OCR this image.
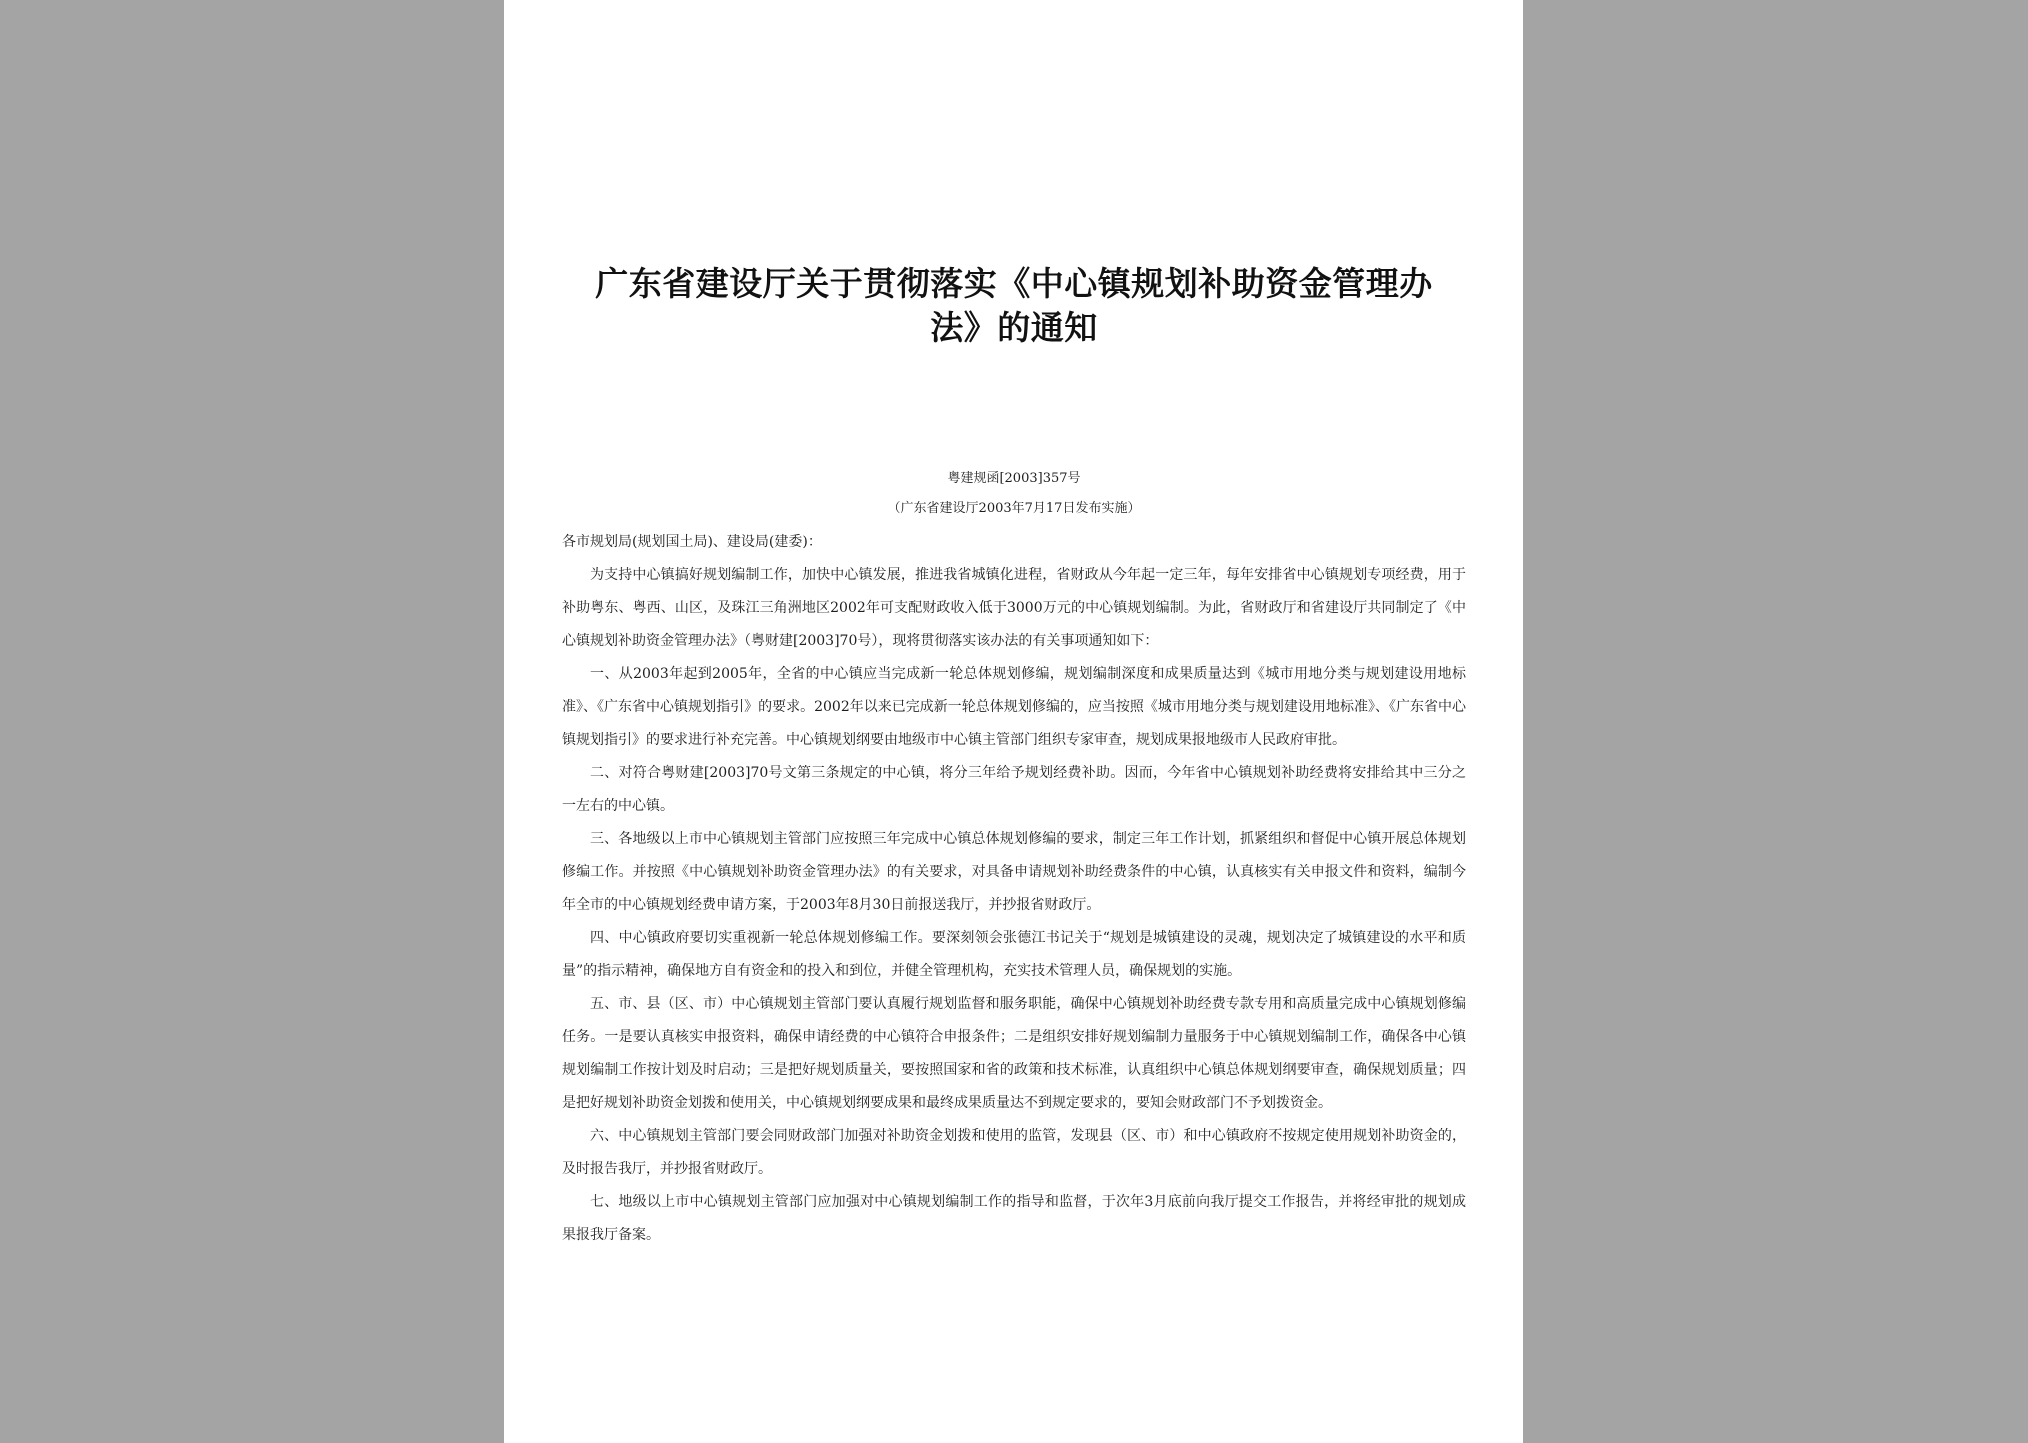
广东省建设厅关于贯彻落实《中心镇规划补助资金管理办法》的通知
粤建规函[2003]357号
（广东省建设厅2003年7月17日发布实施）

各市规划局(规划国土局)、建设局(建委)：

为支持中心镇搞好规划编制工作，加快中心镇发展，推进我省城镇化进程，省财政从今年起一定三年，每年安排省中心镇规划专项经费，用于补助粤东、粤西、山区，及珠江三角洲地区2002年可支配财政收入低于3000万元的中心镇规划编制。为此，省财政厅和省建设厅共同制定了《中心镇规划补助资金管理办法》（粤财建[2003]70号），现将贯彻落实该办法的有关事项通知如下：

一、从2003年起到2005年，全省的中心镇应当完成新一轮总体规划修编，规划编制深度和成果质量达到《城市用地分类与规划建设用地标准》、《广东省中心镇规划指引》的要求。2002年以来已完成新一轮总体规划修编的，应当按照《城市用地分类与规划建设用地标准》、《广东省中心镇规划指引》的要求进行补充完善。中心镇规划纲要由地级市中心镇主管部门组织专家审查，规划成果报地级市人民政府审批。

二、对符合粤财建[2003]70号文第三条规定的中心镇，将分三年给予规划经费补助。因而，今年省中心镇规划补助经费将安排给其中三分之一左右的中心镇。

三、各地级以上市中心镇规划主管部门应按照三年完成中心镇总体规划修编的要求，制定三年工作计划，抓紧组织和督促中心镇开展总体规划修编工作。并按照《中心镇规划补助资金管理办法》的有关要求，对具备申请规划补助经费条件的中心镇，认真核实有关申报文件和资料，编制今年全市的中心镇规划经费申请方案，于2003年8月30日前报送我厅，并抄报省财政厅。

四、中心镇政府要切实重视新一轮总体规划修编工作。要深刻领会张德江书记关于“规划是城镇建设的灵魂，规划决定了城镇建设的水平和质量”的指示精神，确保地方自有资金和的投入和到位，并健全管理机构，充实技术管理人员，确保规划的实施。

五、市、县（区、市）中心镇规划主管部门要认真履行规划监督和服务职能，确保中心镇规划补助经费专款专用和高质量完成中心镇规划修编任务。一是要认真核实申报资料，确保申请经费的中心镇符合申报条件；二是组织安排好规划编制力量服务于中心镇规划编制工作，确保各中心镇规划编制工作按计划及时启动；三是把好规划质量关，要按照国家和省的政策和技术标准，认真组织中心镇总体规划纲要审查，确保规划质量；四是把好规划补助资金划拨和使用关，中心镇规划纲要成果和最终成果质量达不到规定要求的，要知会财政部门不予划拨资金。

六、中心镇规划主管部门要会同财政部门加强对补助资金划拨和使用的监管，发现县（区、市）和中心镇政府不按规定使用规划补助资金的，及时报告我厅，并抄报省财政厅。

七、地级以上市中心镇规划主管部门应加强对中心镇规划编制工作的指导和监督，于次年3月底前向我厅提交工作报告，并将经审批的规划成果报我厅备案。
